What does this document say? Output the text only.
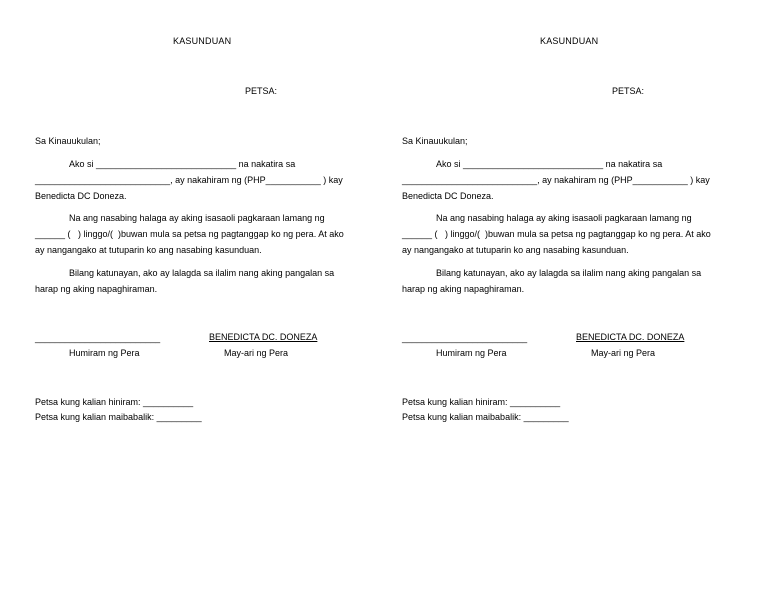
KASUNDUAN
PETSA:
Sa Kinauukulan;
Ako si ____________________________ na nakatira sa
___________________________, ay nakahiram ng (PHP___________ ) kay
Benedicta DC Doneza.
Na ang nasabing halaga ay aking isasaoli pagkaraan lamang ng
______ (   ) linggo/(  )buwan mula sa petsa ng pagtanggap ko ng pera. At ako
ay nangangako at tutuparin ko ang nasabing kasunduan.
Bilang katunayan, ako ay lalagda sa ilalim nang aking pangalan sa
harap ng aking napaghiraman.
_________________________	BENEDICTA DC. DONEZA
Humiram ng Pera	May-ari ng Pera
Petsa kung kalian hiniram: __________
Petsa kung kalian maibabalik: _________
KASUNDUAN
PETSA:
Sa Kinauukulan;
Ako si ____________________________ na nakatira sa
___________________________, ay nakahiram ng (PHP___________ ) kay
Benedicta DC Doneza.
Na ang nasabing halaga ay aking isasaoli pagkaraan lamang ng
______ (   ) linggo/(  )buwan mula sa petsa ng pagtanggap ko ng pera. At ako
ay nangangako at tutuparin ko ang nasabing kasunduan.
Bilang katunayan, ako ay lalagda sa ilalim nang aking pangalan sa
harap ng aking napaghiraman.
_________________________	BENEDICTA DC. DONEZA
Humiram ng Pera	May-ari ng Pera
Petsa kung kalian hiniram: __________
Petsa kung kalian maibabalik: _________
